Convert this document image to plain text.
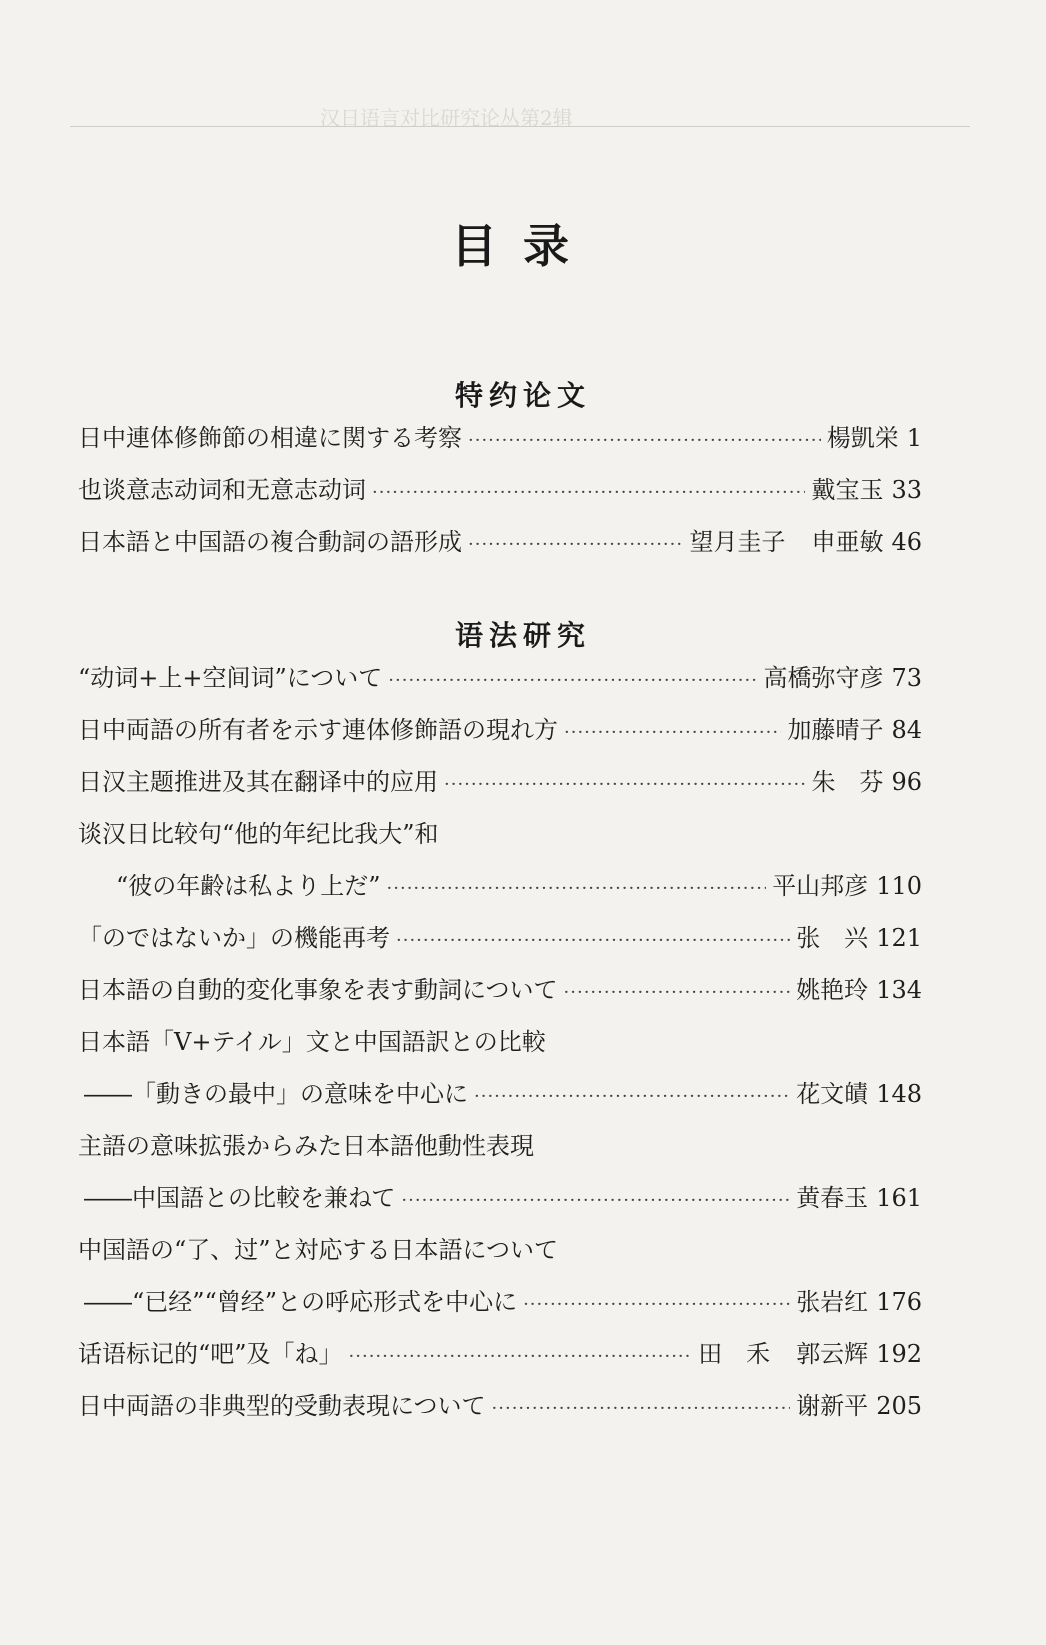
汉日语言对比研究论丛第2辑
目录
特约论文
语法研究
日中連体修飾節の相違に関する考察 ·····	楊凱栄 1
也谈意志动词和无意志动词 ·····	戴宝玉 33
日本語と中国語の複合動詞の語形成 ·····	望月圭子 申亜敏 46
“动词+上+空间词”について ·····	高橋弥守彦 73
日中両語の所有者を示す連体修飾語の現れ方 ·····	加藤晴子 84
日汉主题推进及其在翻译中的应用 ·····	朱　芬 96
谈汉日比较句“他的年纪比我大”和
“彼の年齢は私より上だ” ·····	平山邦彦 110
「のではないか」の機能再考 ·····	张　兴 121
日本語の自動的変化事象を表す動詞について ·····	姚艳玲 134
日本語「V+テイル」文と中国語訳との比較
――「動きの最中」の意味を中心に ·····	花文皟 148
主語の意味拡張からみた日本語他動性表現
――中国語との比較を兼ねて ·····	黄春玉 161
中国語の“了、过”と対応する日本語について
――“已经”“曾经”との呼応形式を中心に ·····	张岩红 176
话语标记的“吧”及「ね」 ·····	田　禾 郭云辉 192
日中両語の非典型的受動表現について ·····	谢新平 205
